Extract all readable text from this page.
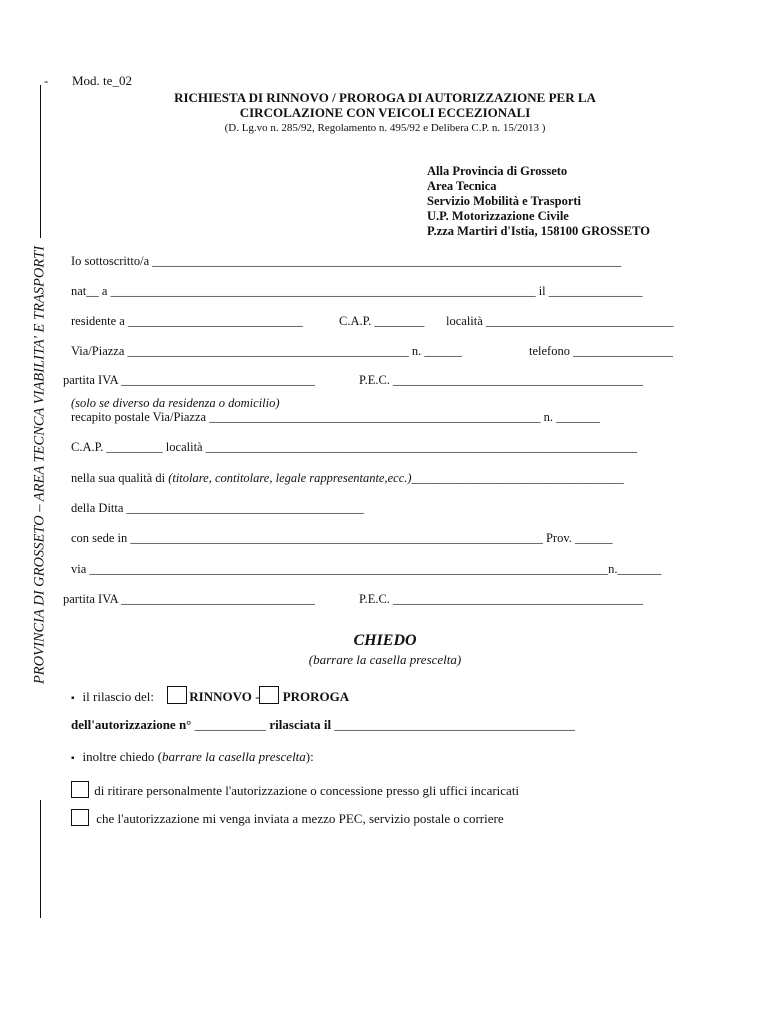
-
PROVINCIA DI GROSSETO – AREA TECNCA VIABILITA' E TRASPORTI
Mod. te_02
RICHIESTA DI RINNOVO / PROROGA DI AUTORIZZAZIONE PER LA
CIRCOLAZIONE CON VEICOLI ECCEZIONALI
(D. Lg.vo n. 285/92, Regolamento n. 495/92 e Delibera C.P. n. 15/2013 )
Alla Provincia di Grosseto
Area Tecnica
Servizio Mobilità e Trasporti
U.P. Motorizzazione Civile
P.zza Martiri d'Istia, 158100 GROSSETO
Io sottoscritto/a ___________________________________________________________________________
nat__ a ____________________________________________________________________ il _______________
residente a ____________________________	C.A.P. ________ località ______________________________
Via/Piazza _____________________________________________ n. ______	telefono ________________
partita IVA _______________________________	P.E.C. ________________________________________
(solo se diverso da residenza o domicilio)
recapito postale Via/Piazza _____________________________________________________ n. _______
C.A.P. _________ località _____________________________________________________________________
nella sua qualità di (titolare, contitolare, legale rappresentante,ecc.)__________________________________
della Ditta ______________________________________
con sede in __________________________________________________________________ Prov. ______
via ___________________________________________________________________________________n._______
partita IVA _______________________________	P.E.C. ________________________________________
CHIEDO
(barrare la casella prescelta)
▪ il rilascio del:	RINNOVO - PROROGA
dell'autorizzazione n° ___________ rilasciata il _____________________________________
▪ inoltre chiedo (barrare la casella prescelta):
di ritirare personalmente l'autorizzazione o concessione presso gli uffici incaricati
che l'autorizzazione mi venga inviata a mezzo PEC, servizio postale o corriere
